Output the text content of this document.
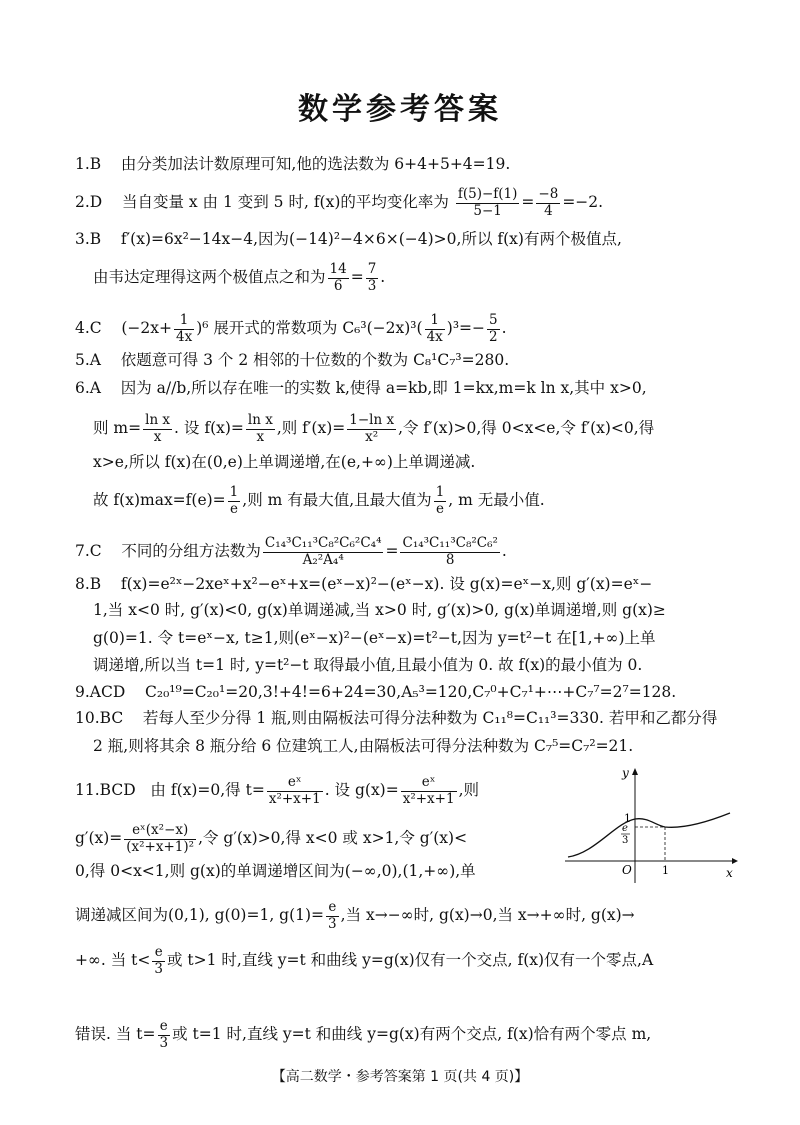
数学参考答案
1.B 由分类加法计数原理可知,他的选法数为 6+4+5+4=19.
2.D 当自变量 x 由 1 变到 5 时, f(x)的平均变化率为 $\frac{f(5)-f(1)}{5-1} = \frac{-8}{4} =-2$.
3.B f′(x)=6x²−14x−4,因为(−14)²−4×6×(−4)>0,所以 f(x)有两个极值点,
由韦达定理得这两个极值点之和为 $\frac{14}{6} = \frac{7}{3}$ .
4.C $(-2x+ \frac{1}{4x} )^6$ 展开式的常数项为 $C_6^3(-2x)^3( \frac{1}{4x} )^3=- \frac{5}{2}$ .
5.A 依题意可得 3 个 2 相邻的十位数的个数为 C₈¹C₇³=280.
6.A 因为 a//b,所以存在唯一的实数 k,使得 a=kb,即 1=kx,m=k ln x,其中 x>0,
则 $m= \frac{\text{ln x}}{x}$ . 设 $f(x)= \frac{\text{ln x}}{x}$ ,则 $f'(x)= \frac{\text{1−ln x}}{\text{x²}}$ ,令 f′(x)>0,得 0<x<e,令 f′(x)<0,得
x>e,所以 f(x)在(0,e)上单调递增,在(e,+∞)上单调递减.
故 $f(x)\max=f(e)= \frac{1}{e}$ ,则 m 有最大值,且最大值为 $\frac{1}{e}$ , m 无最小值.
7.C 不同的分组方法数为 $\frac{\text{C₁₄³C₁₁³C₈²C₆²C₄⁴}}{\text{A₂²A₄⁴}} = \frac{\text{C₁₄³C₁₁³C₈²C₆²}}{8}$ .
8.B f(x)=e²ˣ−2xeˣ+x²−eˣ+x=(eˣ−x)²−(eˣ−x). 设 g(x)=eˣ−x,则 g′(x)=eˣ−
1,当 x<0 时, g′(x)<0, g(x)单调递减,当 x>0 时, g′(x)>0, g(x)单调递增,则 g(x)≥
g(0)=1. 令 t=eˣ−x, t≥1,则(eˣ−x)²−(eˣ−x)=t²−t,因为 y=t²−t 在[1,+∞)上单
调递增,所以当 t=1 时, y=t²−t 取得最小值,且最小值为 0. 故 f(x)的最小值为 0.
9.ACD C₂₀¹⁹=C₂₀¹=20,3!+4!=6+24=30,A₅³=120,C₇⁰+C₇¹+⋯+C₇⁷=2⁷=128.
10.BC 若每人至少分得 1 瓶,则由隔板法可得分法种数为 C₁₁⁸=C₁₁³=330. 若甲和乙都分得
2 瓶,则将其余 8 瓶分给 6 位建筑工人,由隔板法可得分法种数为 C₇⁵=C₇²=21.
11.BCD 由 f(x)=0,得 $t= \frac{\text{eˣ}}{\text{x²+x+1}}$ . 设 $g(x)= \frac{\text{eˣ}}{\text{x²+x+1}}$ ,则
$g'(x)= \frac{\text{eˣ(x²−x)}}{\text{(x²+x+1)²}}$ ,令 g′(x)>0,得 x<0 或 x>1,令 g′(x)<
0,得 0<x<1,则 g(x)的单调递增区间为(−∞,0),(1,+∞),单
调递减区间为(0,1), g(0)=1, $g(1)= \frac{e}{3}$ ,当 x→−∞时, g(x)→0,当 x→+∞时, g(x)→
+∞. 当 $t< \frac{e}{3}$ 或 t>1 时,直线 y=t 和曲线 y=g(x)仅有一个交点, f(x)仅有一个零点,A
错误. 当 $t= \frac{e}{3}$ 或 t=1 时,直线 y=t 和曲线 y=g(x)有两个交点, f(x)恰有两个零点 m,
y
x
O
1
1
e
3
【高二数学・参考答案第 1 页(共 4 页)】
